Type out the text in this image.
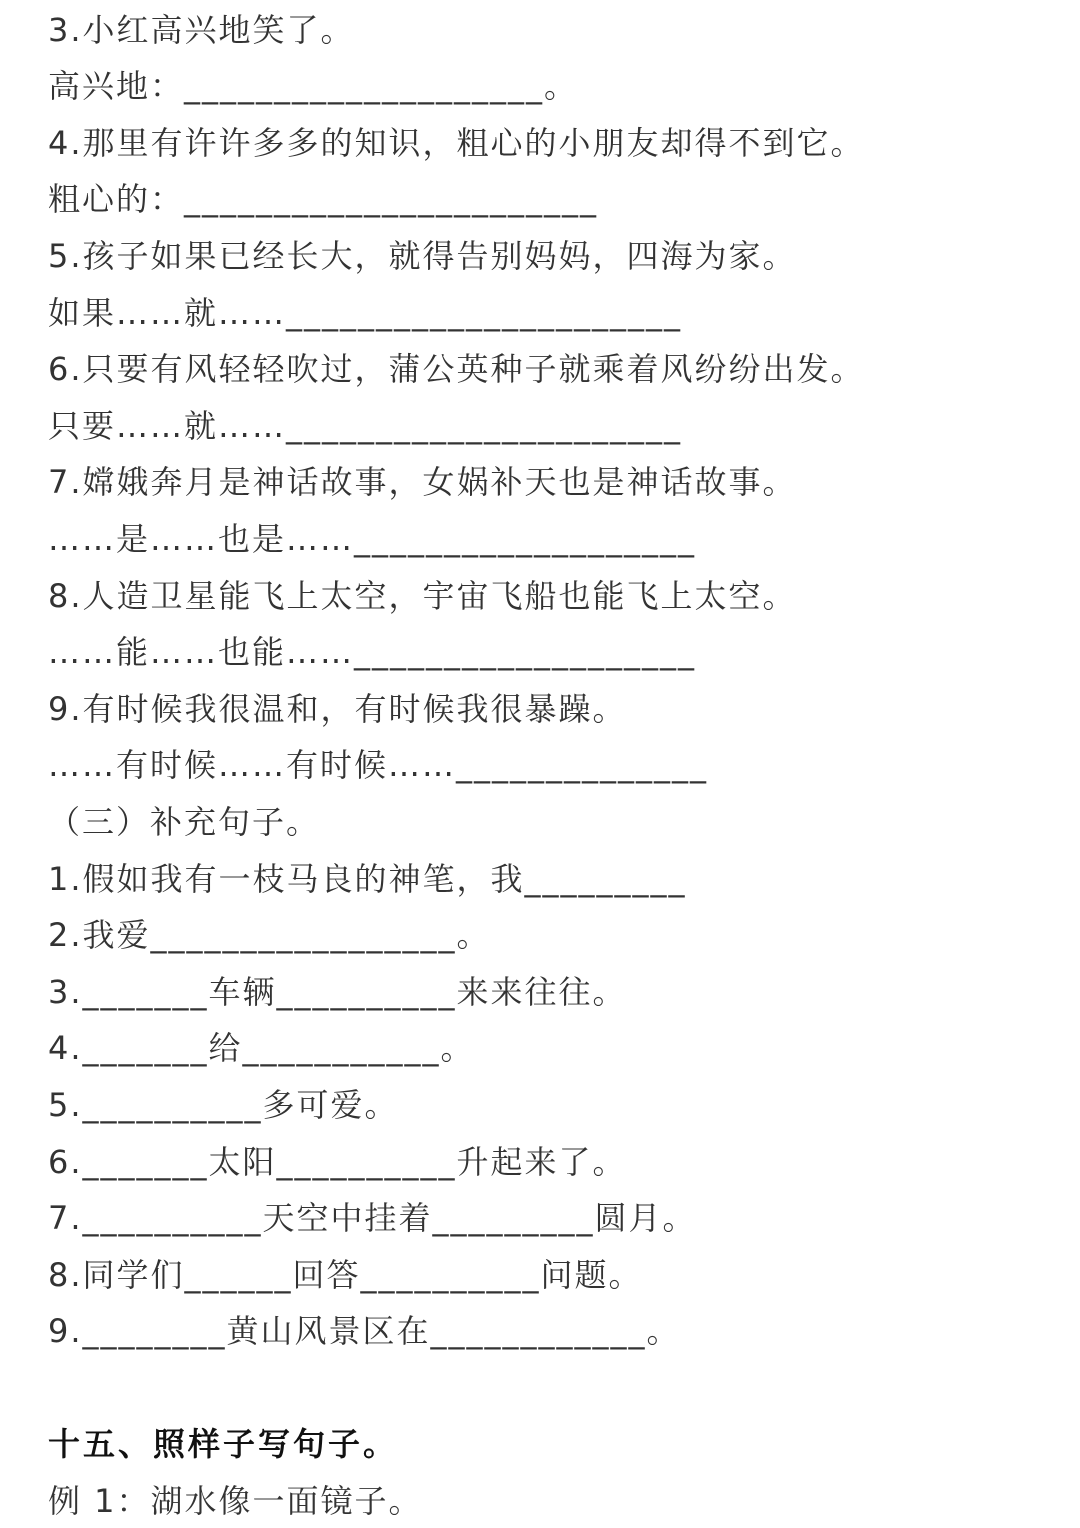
3.小红高兴地笑了。
高兴地：____________________。
4.那里有许许多多的知识，粗心的小朋友却得不到它。
粗心的：_______________________
5.孩子如果已经长大，就得告别妈妈，四海为家。
如果……就……______________________
6.只要有风轻轻吹过，蒲公英种子就乘着风纷纷出发。
只要……就……______________________
7.嫦娥奔月是神话故事，女娲补天也是神话故事。
……是……也是……___________________
8.人造卫星能飞上太空，宇宙飞船也能飞上太空。
……能……也能……___________________
9.有时候我很温和，有时候我很暴躁。
……有时候……有时候……______________
（三）补充句子。
1.假如我有一枝马良的神笔，我_________
2.我爱_________________。
3._______车辆__________来来往往。
4._______给___________。
5.__________多可爱。
6._______太阳__________升起来了。
7.__________天空中挂着_________圆月。
8.同学们______回答__________问题。
9.________黄山风景区在____________。
十五、照样子写句子。
例 1：湖水像一面镜子。
